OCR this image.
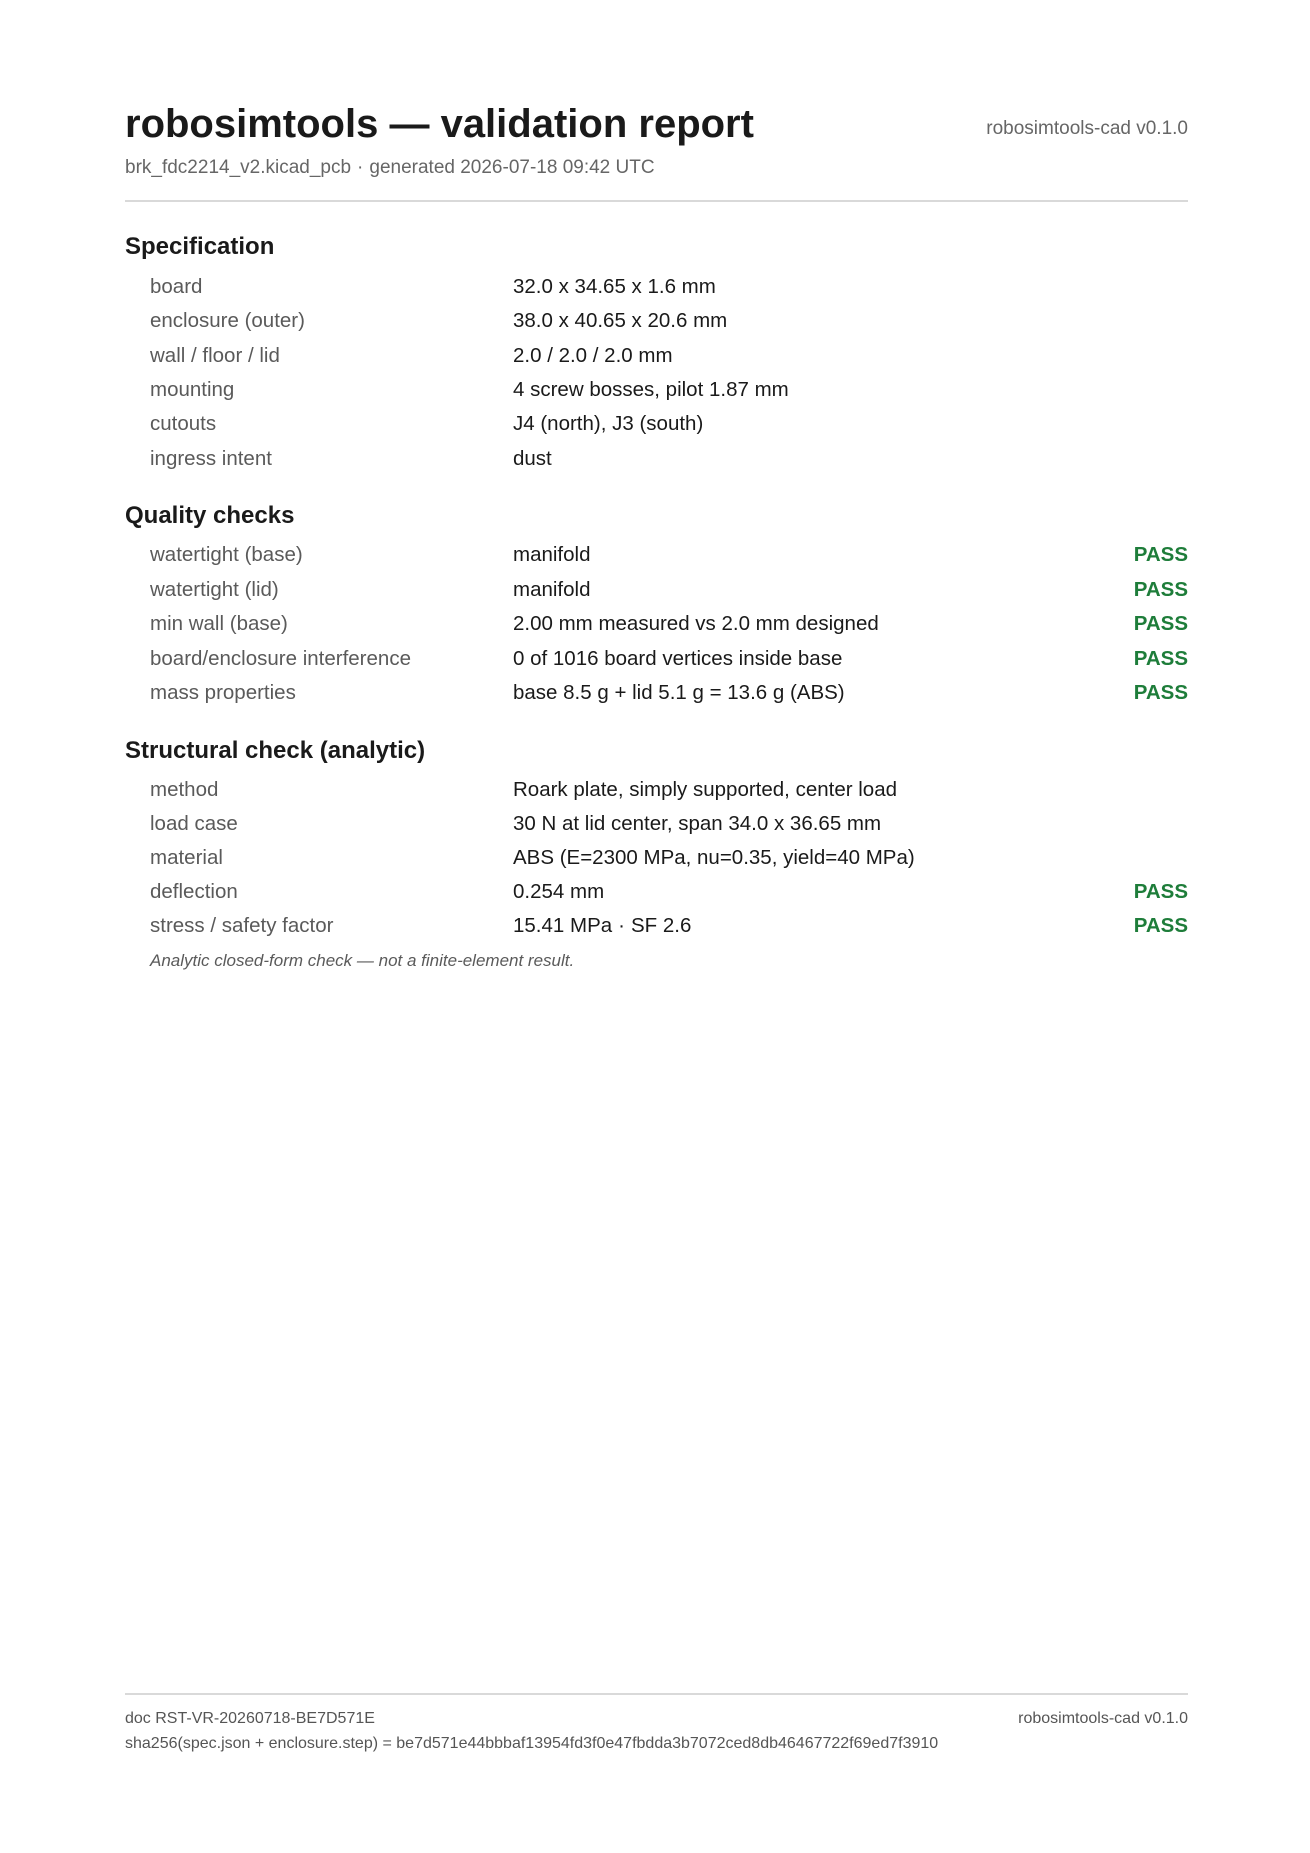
robosimtools — validation report	robosimtools-cad v0.1.0
brk_fdc2214_v2.kicad_pcb · generated 2026-07-18 09:42 UTC
Specification
board	32.0 x 34.65 x 1.6 mm
enclosure (outer)	38.0 x 40.65 x 20.6 mm
wall / floor / lid	2.0 / 2.0 / 2.0 mm
mounting	4 screw bosses, pilot 1.87 mm
cutouts	J4 (north), J3 (south)
ingress intent	dust
Quality checks
watertight (base)	manifold	PASS
watertight (lid)	manifold	PASS
min wall (base)	2.00 mm measured vs 2.0 mm designed	PASS
board/enclosure interference	0 of 1016 board vertices inside base	PASS
mass properties	base 8.5 g + lid 5.1 g = 13.6 g (ABS)	PASS
Structural check (analytic)
method	Roark plate, simply supported, center load
load case	30 N at lid center, span 34.0 x 36.65 mm
material	ABS (E=2300 MPa, nu=0.35, yield=40 MPa)
deflection	0.254 mm	PASS
stress / safety factor	15.41 MPa · SF 2.6	PASS
Analytic closed-form check — not a finite-element result.
doc RST-VR-20260718-BE7D571E	robosimtools-cad v0.1.0
sha256(spec.json + enclosure.step) = be7d571e44bbbaf13954fd3f0e47fbdda3b7072ced8db46467722f69ed7f3910
